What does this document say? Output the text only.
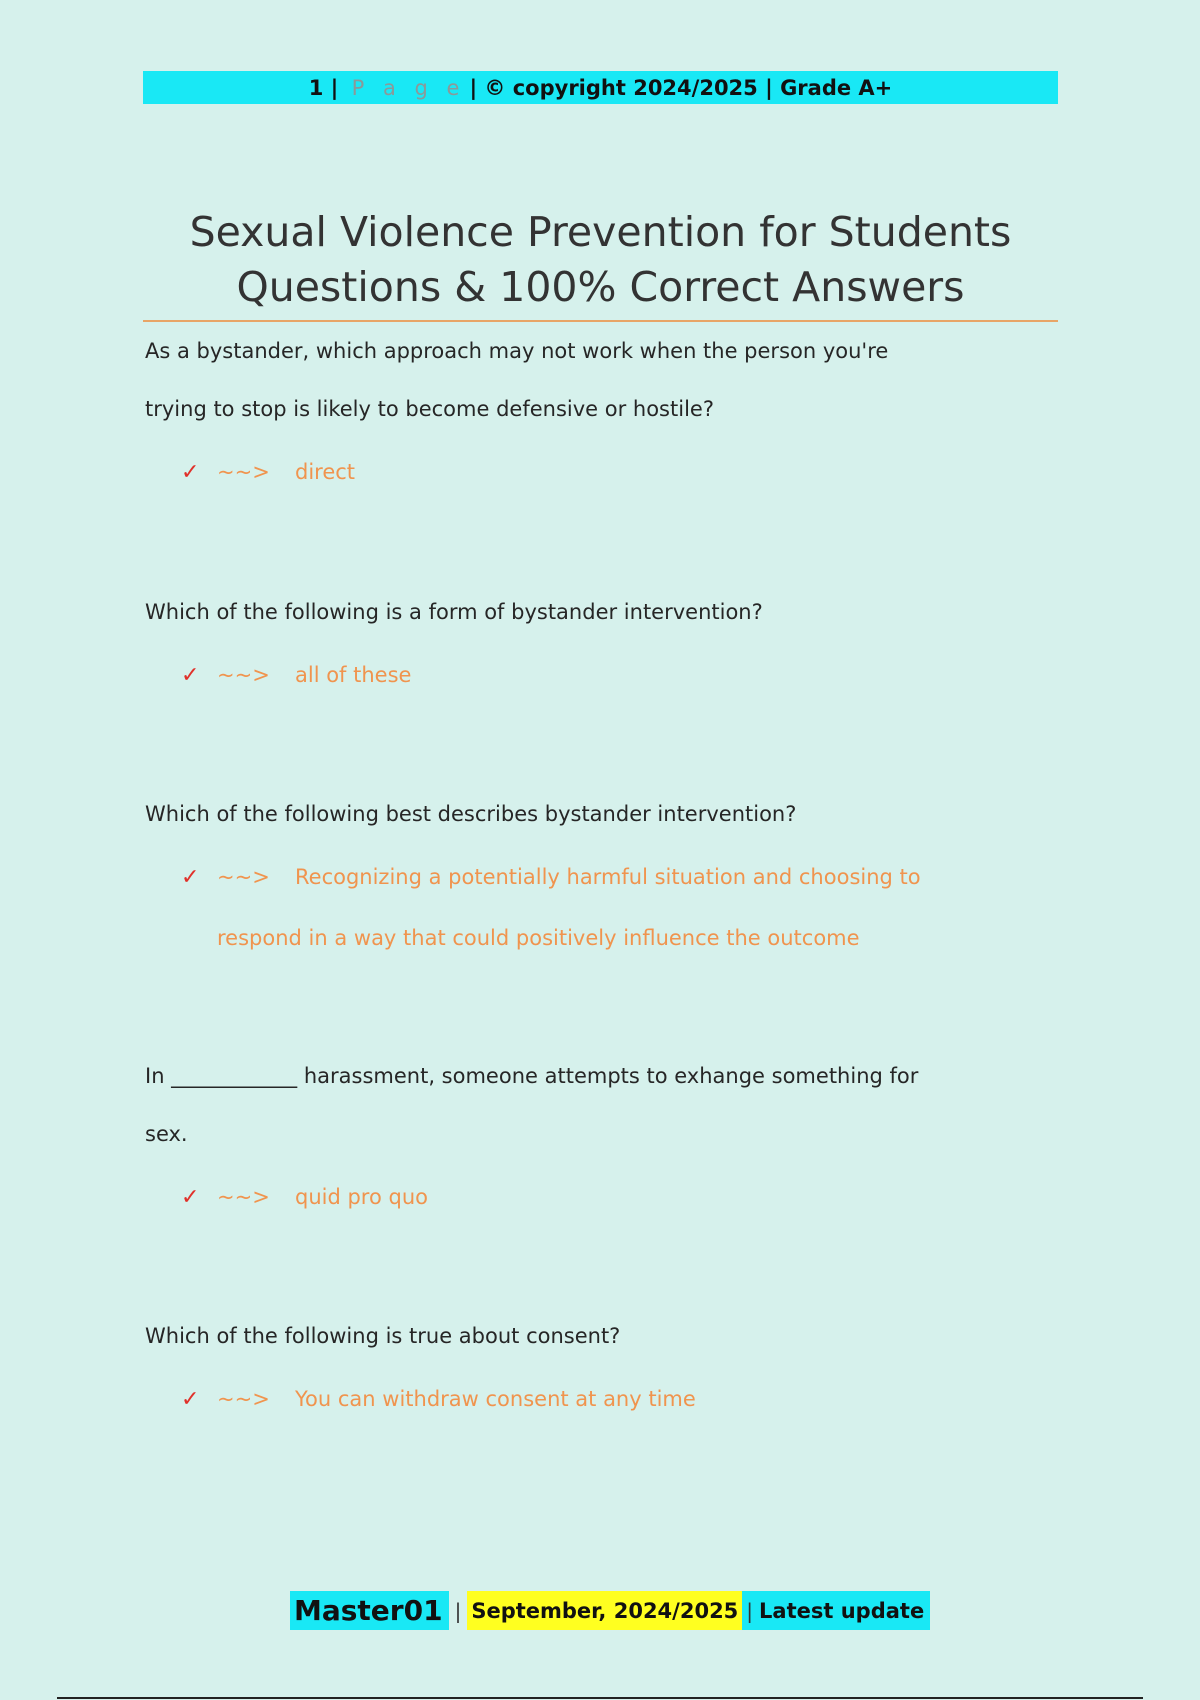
1 | P a g e | © copyright 2024/2025 | Grade A+
Sexual Violence Prevention for Students
Questions & 100% Correct Answers

As a bystander, which approach may not work when the person you're
trying to stop is likely to become defensive or hostile?

✓ ~~> direct

Which of the following is a form of bystander intervention?

✓ ~~> all of these

Which of the following best describes bystander intervention?

✓ ~~> Recognizing a potentially harmful situation and choosing to
respond in a way that could positively influence the outcome

In ____________ harassment, someone attempts to exhange something for
sex.

✓ ~~> quid pro quo

Which of the following is true about consent?

✓ ~~> You can withdraw consent at any time

Master01 | September, 2024/2025 | Latest update
